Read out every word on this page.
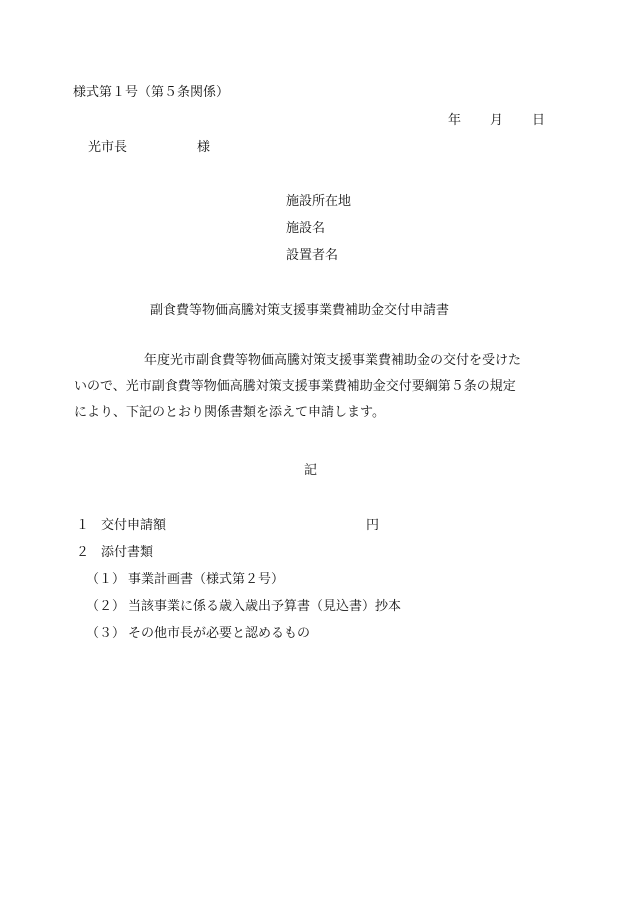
様式第１号（第５条関係）
年 月 日
光市長	様
施設所在地
施設名
設置者名
副食費等物価高騰対策支援事業費補助金交付申請書
年度光市副食費等物価高騰対策支援事業費補助金の交付を受けた
いので、光市副食費等物価高騰対策支援事業費補助金交付要綱第５条の規定
により、下記のとおり関係書類を添えて申請します。
記
１ 交付申請額	円
２ 添付書類
（１） 事業計画書（様式第２号）
（２） 当該事業に係る歳入歳出予算書（見込書）抄本
（３） その他市長が必要と認めるもの
